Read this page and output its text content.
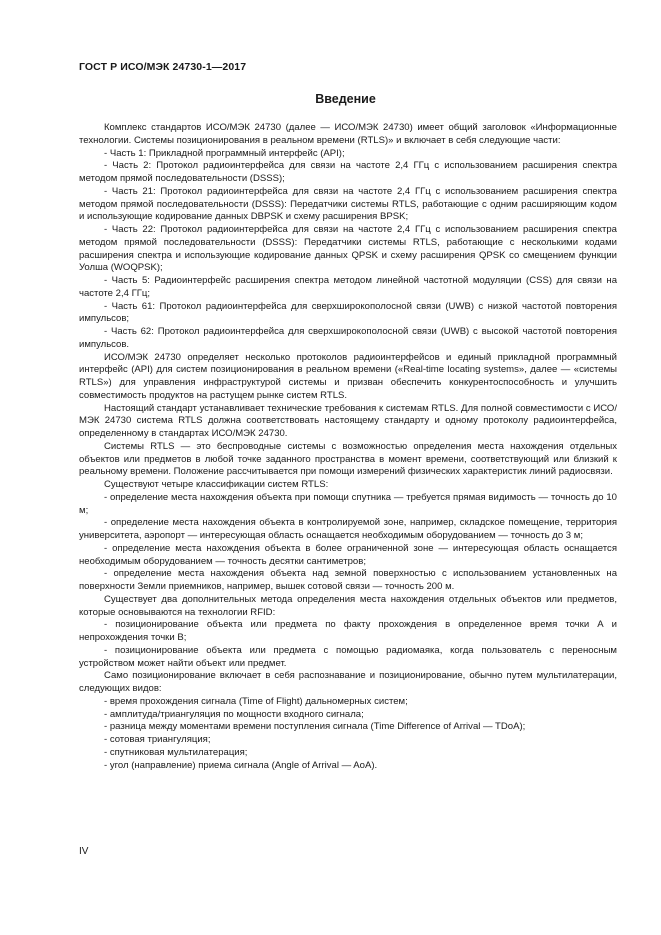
ГОСТ Р ИСО/МЭК 24730-1—2017
Введение

Комплекс стандартов ИСО/МЭК 24730 (далее — ИСО/МЭК 24730) имеет общий заголовок «Информационные технологии. Системы позиционирования в реальном времени (RTLS)» и включает в себя следующие части:

- Часть 1: Прикладной программный интерфейс (API);

- Часть 2: Протокол радиоинтерфейса для связи на частоте 2,4 ГГц с использованием расширения спектра методом прямой последовательности (DSSS);

- Часть 21: Протокол радиоинтерфейса для связи на частоте 2,4 ГГц с использованием расширения спектра методом прямой последовательности (DSSS): Передатчики системы RTLS, работающие с одним расширяющим кодом и использующие кодирование данных DBPSK и схему расширения BPSK;

- Часть 22: Протокол радиоинтерфейса для связи на частоте 2,4 ГГц с использованием расширения спектра методом прямой последовательности (DSSS): Передатчики системы RTLS, работающие с несколькими кодами расширения спектра и использующие кодирование данных QPSK и схему расширения QPSK со смещением функции Уолша (WOQPSK);

- Часть 5: Радиоинтерфейс расширения спектра методом линейной частотной модуляции (CSS) для связи на частоте 2,4 ГГц;

- Часть 61: Протокол радиоинтерфейса для сверхширокополосной связи (UWB) с низкой частотой повторения импульсов;

- Часть 62: Протокол радиоинтерфейса для сверхширокополосной связи (UWB) с высокой частотой повторения импульсов.

ИСО/МЭК 24730 определяет несколько протоколов радиоинтерфейсов и единый прикладной программный интерфейс (API) для систем позиционирования в реальном времени («Real-time locating systems», далее — «системы RTLS») для управления инфраструктурой системы и призван обеспечить конкурентоспособность и улучшить совместимость продуктов на растущем рынке систем RTLS.

Настоящий стандарт устанавливает технические требования к системам RTLS. Для полной совместимости с ИСО/МЭК 24730 система RTLS должна соответствовать настоящему стандарту и одному протоколу радиоинтерфейса, определенному в стандартах ИСО/МЭК 24730.

Системы RTLS — это беспроводные системы с возможностью определения места нахождения отдельных объектов или предметов в любой точке заданного пространства в момент времени, соответствующий или близкий к реальному времени. Положение рассчитывается при помощи измерений физических характеристик линий радиосвязи.

Существуют четыре классификации систем RTLS:

- определение места нахождения объекта при помощи спутника — требуется прямая видимость — точность до 10 м;

- определение места нахождения объекта в контролируемой зоне, например, складское помещение, территория университета, аэропорт — интересующая область оснащается необходимым оборудованием — точность до 3 м;

- определение места нахождения объекта в более ограниченной зоне — интересующая область оснащается необходимым оборудованием — точность десятки сантиметров;

- определение места нахождения объекта над земной поверхностью с использованием установленных на поверхности Земли приемников, например, вышек сотовой связи — точность 200 м.

Существует два дополнительных метода определения места нахождения отдельных объектов или предметов, которые основываются на технологии RFID:

- позиционирование объекта или предмета по факту прохождения в определенное время точки А и непрохождения точки В;

- позиционирование объекта или предмета с помощью радиомаяка, когда пользователь с переносным устройством может найти объект или предмет.

Само позиционирование включает в себя распознавание и позиционирование, обычно путем мультилатерации, следующих видов:

- время прохождения сигнала (Time of Flight) дальномерных систем;

- амплитуда/триангуляция по мощности входного сигнала;

- разница между моментами времени поступления сигнала (Time Difference of Arrival — TDoA);

- сотовая триангуляция;

- спутниковая мультилатерация;

- угол (направление) приема сигнала (Angle of Arrival — AoA).

IV
